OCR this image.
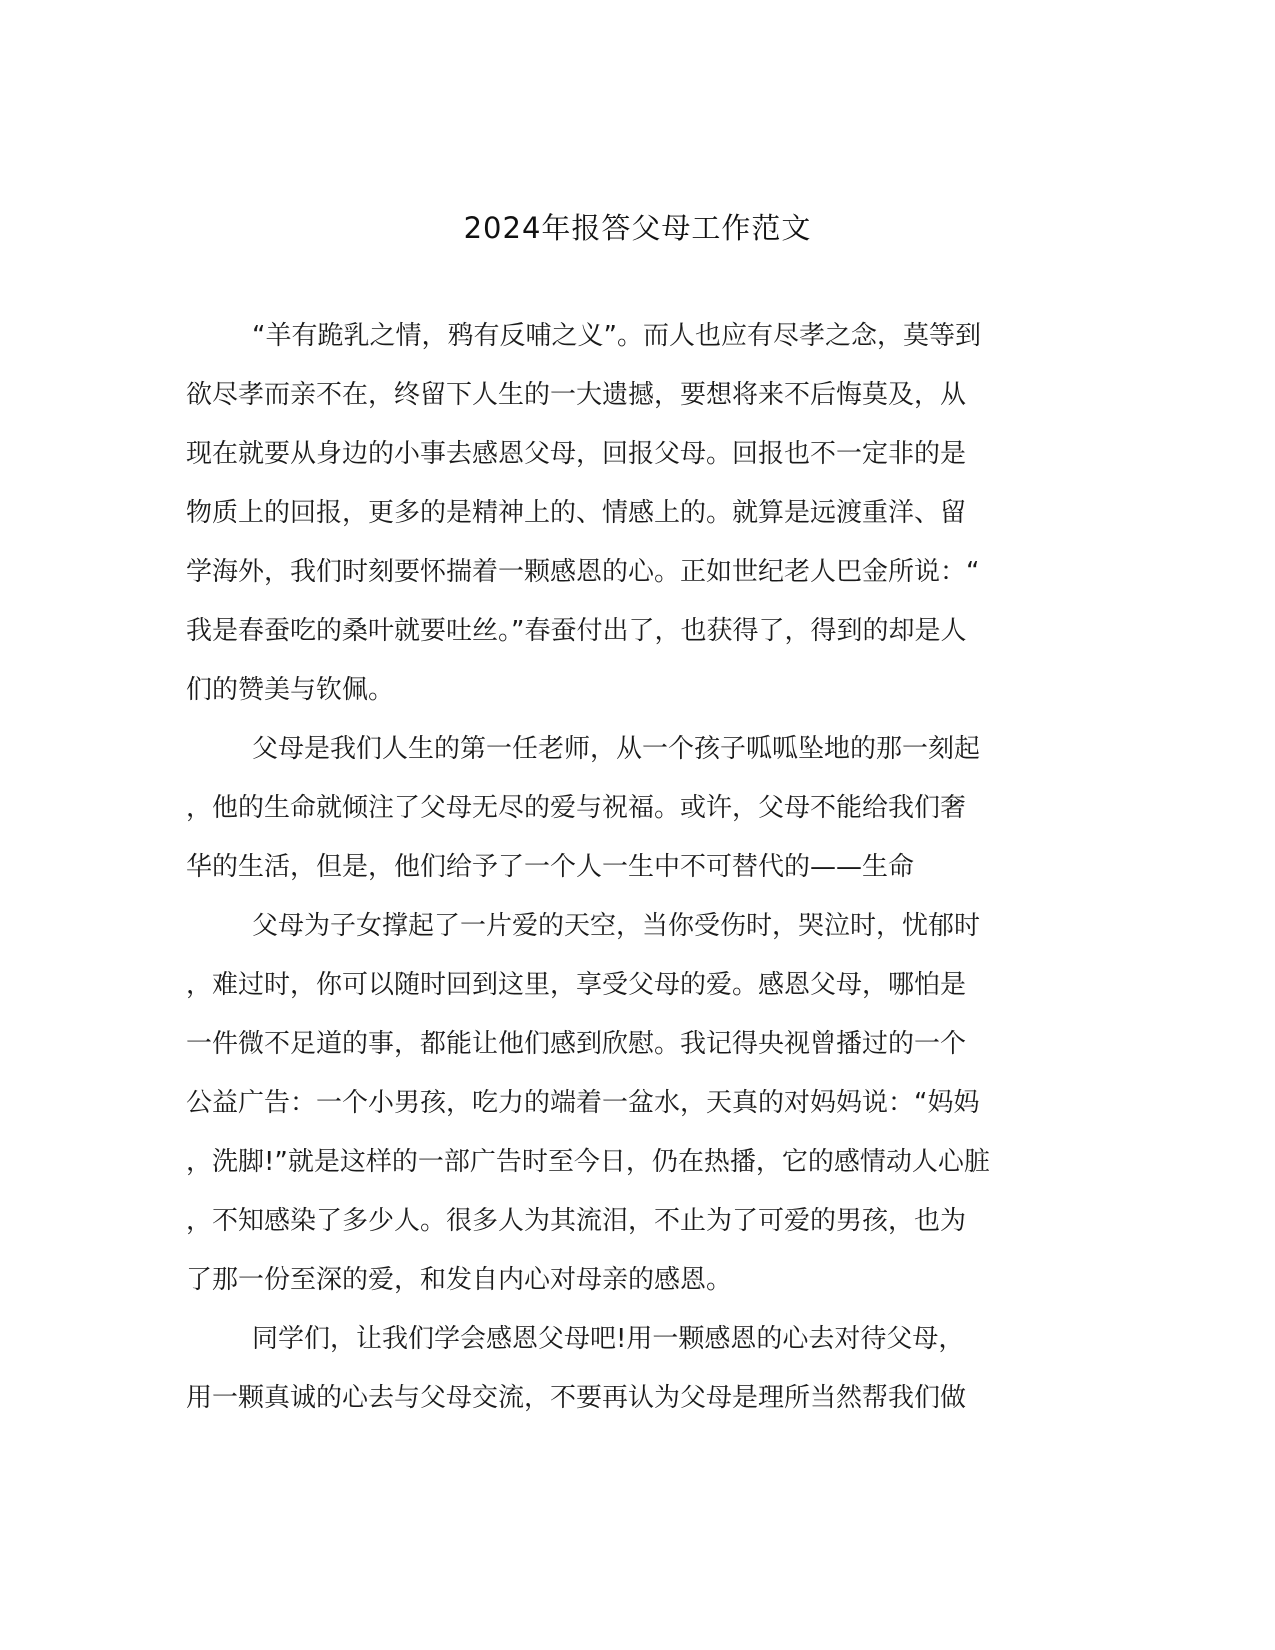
2024年报答父母工作范文
“羊有跪乳之情，鸦有反哺之义”。而人也应有尽孝之念，莫等到
欲尽孝而亲不在，终留下人生的一大遗撼，要想将来不后悔莫及，从
现在就要从身边的小事去感恩父母，回报父母。回报也不一定非的是
物质上的回报，更多的是精神上的、情感上的。就算是远渡重洋、留
学海外，我们时刻要怀揣着一颗感恩的心。正如世纪老人巴金所说：“
我是春蚕吃的桑叶就要吐丝。”春蚕付出了，也获得了，得到的却是人
们的赞美与钦佩。
父母是我们人生的第一任老师，从一个孩子呱呱坠地的那一刻起
，他的生命就倾注了父母无尽的爱与祝福。或许，父母不能给我们奢
华的生活，但是，他们给予了一个人一生中不可替代的——生命
父母为子女撑起了一片爱的天空，当你受伤时，哭泣时，忧郁时
，难过时，你可以随时回到这里，享受父母的爱。感恩父母，哪怕是
一件微不足道的事，都能让他们感到欣慰。我记得央视曾播过的一个
公益广告：一个小男孩，吃力的端着一盆水，天真的对妈妈说：“妈妈
，洗脚!”就是这样的一部广告时至今日，仍在热播，它的感情动人心脏
，不知感染了多少人。很多人为其流泪，不止为了可爱的男孩，也为
了那一份至深的爱，和发自内心对母亲的感恩。
同学们，让我们学会感恩父母吧!用一颗感恩的心去对待父母，
用一颗真诚的心去与父母交流，不要再认为父母是理所当然帮我们做
